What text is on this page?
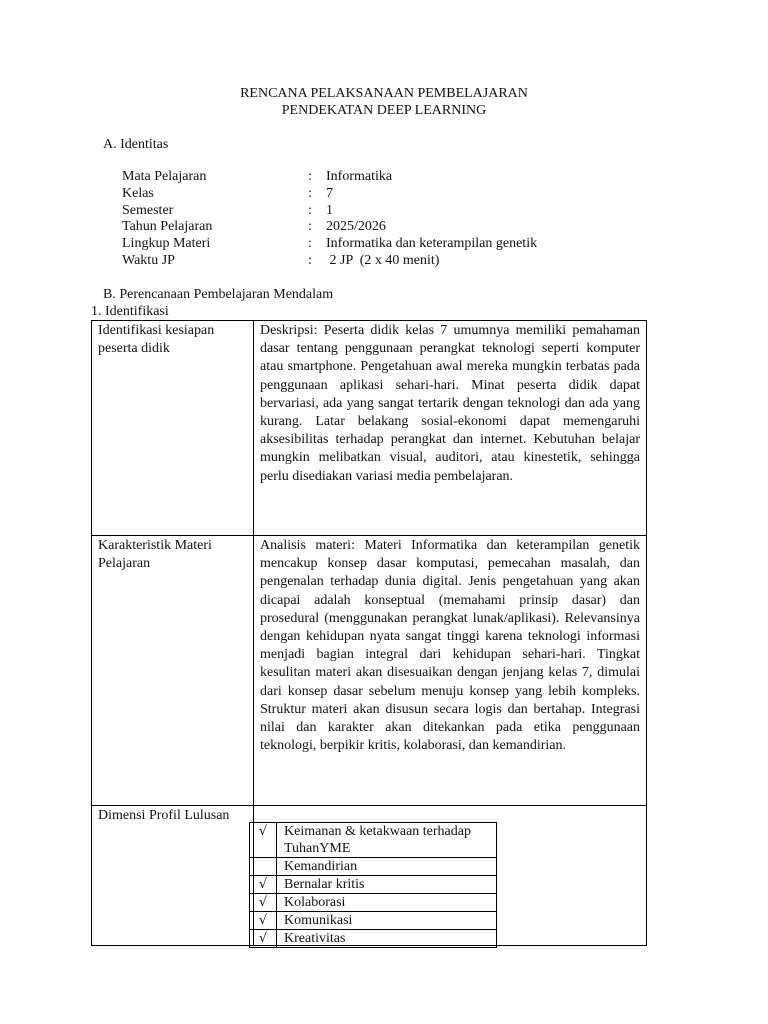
RENCANA PELAKSANAAN PEMBELAJARAN
PENDEKATAN DEEP LEARNING
A. Identitas
Mata Pelajaran	:	Informatika
Kelas	:	7
Semester	:	1
Tahun Pelajaran	:	2025/2026
Lingkup Materi	:	Informatika dan keterampilan genetik
Waktu JP	:	2 JP  (2 x 40 menit)
B. Perencanaan Pembelajaran Mendalam
1. Identifikasi
Identifikasi kesiapan peserta didik	Deskripsi: Peserta didik kelas 7 umumnya memiliki pemahaman dasar tentang penggunaan perangkat teknologi seperti komputer atau smartphone. Pengetahuan awal mereka mungkin terbatas pada penggunaan aplikasi sehari-hari. Minat peserta didik dapat bervariasi, ada yang sangat tertarik dengan teknologi dan ada yang kurang. Latar belakang sosial-ekonomi dapat memengaruhi aksesibilitas terhadap perangkat dan internet. Kebutuhan belajar mungkin melibatkan visual, auditori, atau kinestetik, sehingga perlu disediakan variasi media pembelajaran.
Karakteristik Materi Pelajaran	Analisis materi: Materi Informatika dan keterampilan genetik mencakup konsep dasar komputasi, pemecahan masalah, dan pengenalan terhadap dunia digital. Jenis pengetahuan yang akan dicapai adalah konseptual (memahami prinsip dasar) dan prosedural (menggunakan perangkat lunak/aplikasi). Relevansinya dengan kehidupan nyata sangat tinggi karena teknologi informasi menjadi bagian integral dari kehidupan sehari-hari. Tingkat kesulitan materi akan disesuaikan dengan jenjang kelas 7, dimulai dari konsep dasar sebelum menuju konsep yang lebih kompleks. Struktur materi akan disusun secara logis dan bertahap. Integrasi nilai dan karakter akan ditekankan pada etika penggunaan teknologi, berpikir kritis, kolaborasi, dan kemandirian.
Dimensi Profil Lulusan	
√	Keimanan & ketakwaan terhadap TuhanYME
	Kemandirian
√	Bernalar kritis
√	Kolaborasi
√	Komunikasi
√	Kreativitas
